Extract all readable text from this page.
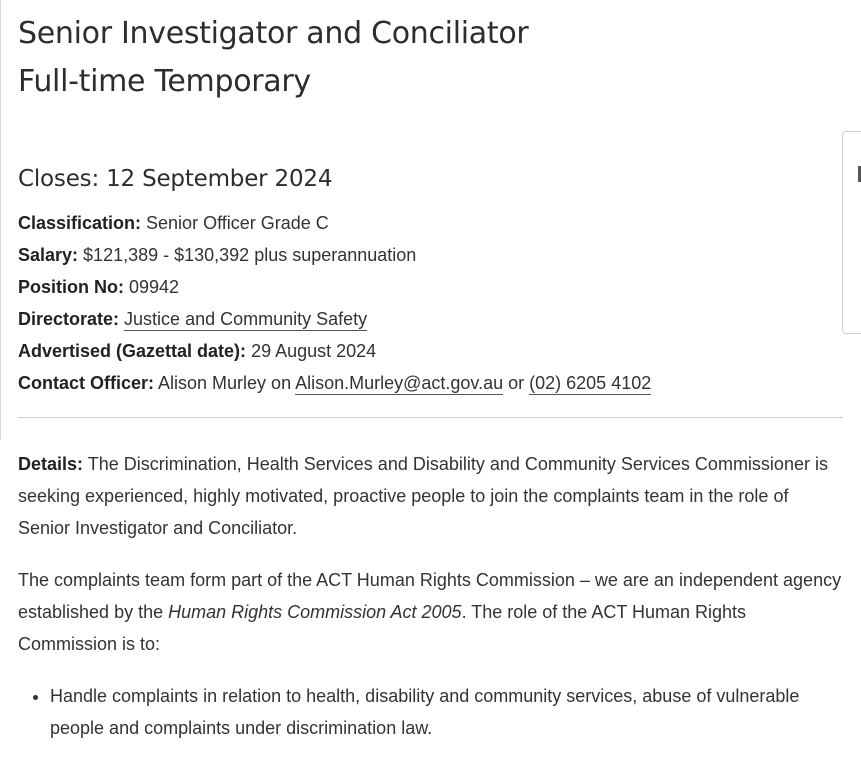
Senior Investigator and Conciliator
Full-time Temporary
Closes: 12 September 2024
Classification: Senior Officer Grade C
Salary: $121,389 - $130,392 plus superannuation
Position No: 09942
Directorate: Justice and Community Safety
Advertised (Gazettal date): 29 August 2024
Contact Officer: Alison Murley on Alison.Murley@act.gov.au or (02) 6205 4102

Details: The Discrimination, Health Services and Disability and Community Services Commissioner is seeking experienced, highly motivated, proactive people to join the complaints team in the role of Senior Investigator and Conciliator.

The complaints team form part of the ACT Human Rights Commission – we are an independent agency established by the Human Rights Commission Act 2005. The role of the ACT Human Rights Commission is to:

• Handle complaints in relation to health, disability and community services, abuse of vulnerable people and complaints under discrimination law.
